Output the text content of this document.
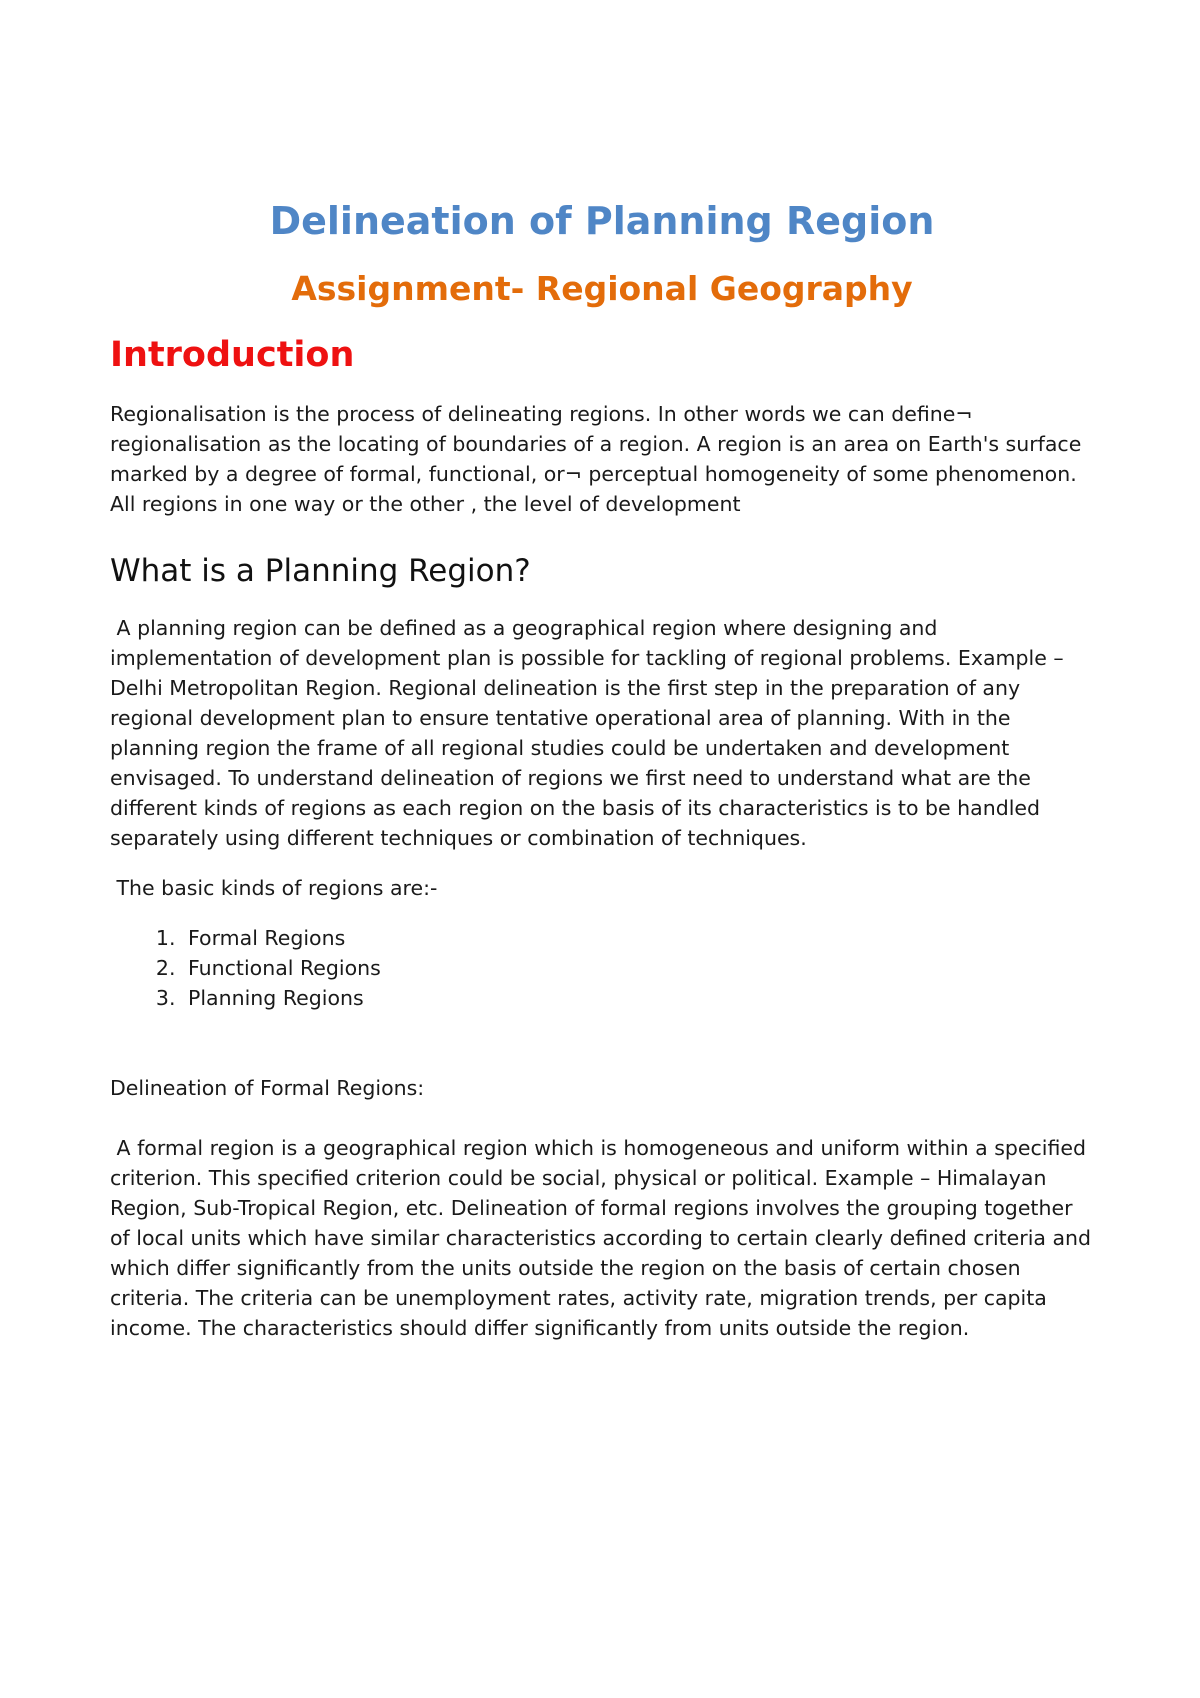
Delineation of Planning Region
Assignment- Regional Geography
Introduction

Regionalisation is the process of delineating regions. In other words we can define¬ regionalisation as the locating of boundaries of a region. A region is an area on Earth's surface marked by a degree of formal, functional, or¬ perceptual homogeneity of some phenomenon. All regions in one way or the other , the level of development

What is a Planning Region?

A planning region can be defined as a geographical region where designing and implementation of development plan is possible for tackling of regional problems. Example – Delhi Metropolitan Region. Regional delineation is the first step in the preparation of any regional development plan to ensure tentative operational area of planning. With in the planning region the frame of all regional studies could be undertaken and development envisaged. To understand delineation of regions we first need to understand what are the different kinds of regions as each region on the basis of its characteristics is to be handled separately using different techniques or combination of techniques.

The basic kinds of regions are:-

1. Formal Regions
2. Functional Regions
3. Planning Regions

Delineation of Formal Regions:

A formal region is a geographical region which is homogeneous and uniform within a specified criterion. This specified criterion could be social, physical or political. Example – Himalayan Region, Sub-Tropical Region, etc. Delineation of formal regions involves the grouping together of local units which have similar characteristics according to certain clearly defined criteria and which differ significantly from the units outside the region on the basis of certain chosen criteria. The criteria can be unemployment rates, activity rate, migration trends, per capita income. The characteristics should differ significantly from units outside the region.
